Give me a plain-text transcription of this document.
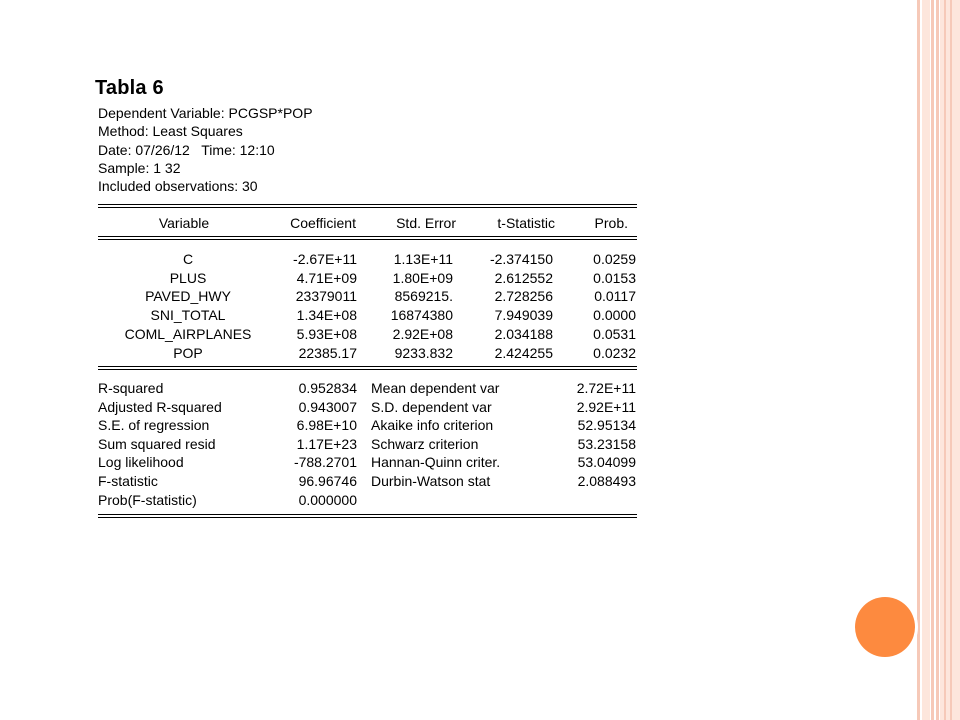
Tabla 6
Dependent Variable: PCGSP*POP
Method: Least Squares
Date: 07/26/12   Time: 12:10
Sample: 1 32
Included observations: 30
Variable	Coefficient	Std. Error	t-Statistic	Prob.
C	-2.67E+11	1.13E+11	-2.374150	0.0259
PLUS	4.71E+09	1.80E+09	2.612552	0.0153
PAVED_HWY	23379011	8569215.	2.728256	0.0117
SNI_TOTAL	1.34E+08	16874380	7.949039	0.0000
COML_AIRPLANES	5.93E+08	2.92E+08	2.034188	0.0531
POP	22385.17	9233.832	2.424255	0.0232
R-squared	0.952834 Mean dependent var	2.72E+11
Adjusted R-squared	0.943007 S.D. dependent var	2.92E+11
S.E. of regression	6.98E+10 Akaike info criterion	52.95134
Sum squared resid	1.17E+23 Schwarz criterion	53.23158
Log likelihood	-788.2701 Hannan-Quinn criter.	53.04099
F-statistic	96.96746 Durbin-Watson stat	2.088493
Prob(F-statistic)	0.000000
